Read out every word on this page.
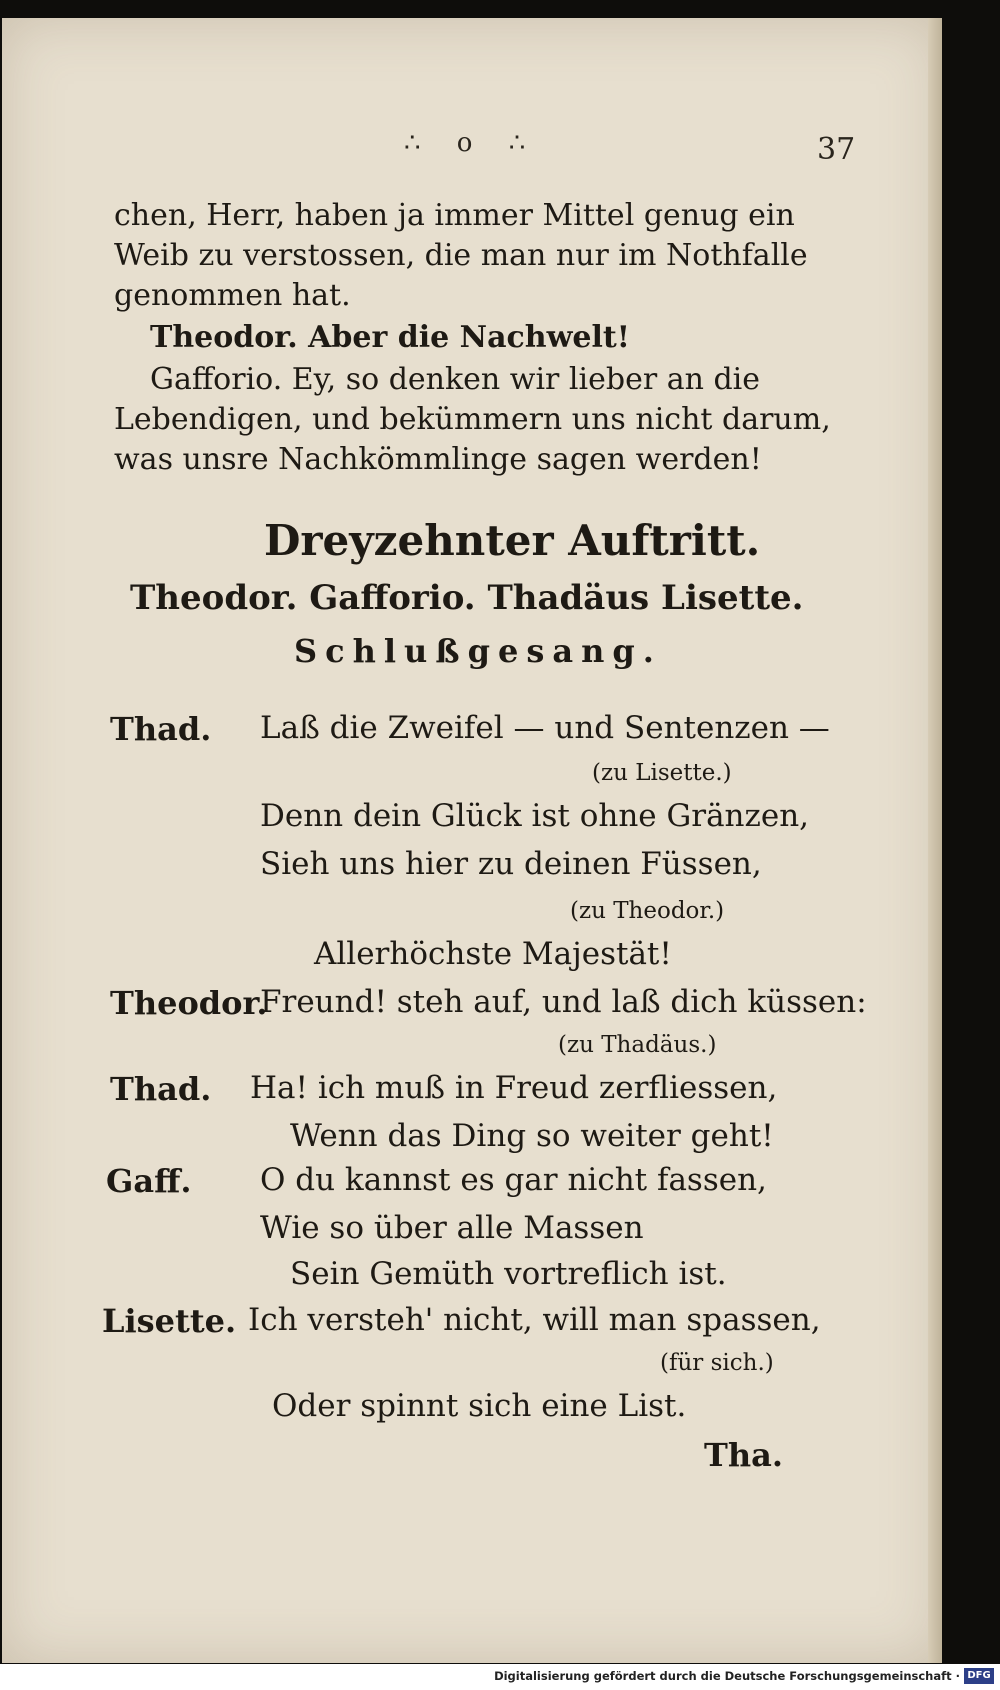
∴ o ∴	37
chen, Herr, haben ja immer Mittel genug ein
Weib zu verstossen, die man nur im Nothfalle
genommen hat.
Theodor. Aber die Nachwelt!
Gafforio. Ey, so denken wir lieber an die
Lebendigen, und bekümmern uns nicht darum,
was unsre Nachkömmlinge sagen werden!
Dreyzehnter Auftritt.
Theodor. Gafforio. Thadäus Lisette.
Schlußgesang.
Thad. Laß die Zweifel — und Sentenzen —
(zu Lisette.)
Denn dein Glück ist ohne Gränzen,
Sieh uns hier zu deinen Füssen,
(zu Theodor.)
Allerhöchste Majestät!
Theodor.
Freund! steh auf, und laß dich küssen:
(zu Thadäus.)
Thad. Ha! ich muß in Freud zerfliessen,
Wenn das Ding so weiter geht!
Gaff. O du kannst es gar nicht fassen,
Wie so über alle Massen
Sein Gemüth vortreflich ist.
Lisette. Ich versteh' nicht, will man spassen,
(für sich.)
Oder spinnt sich eine List.
Tha.
Digitalisierung gefördert durch die Deutsche Forschungsgemeinschaft · DFG
